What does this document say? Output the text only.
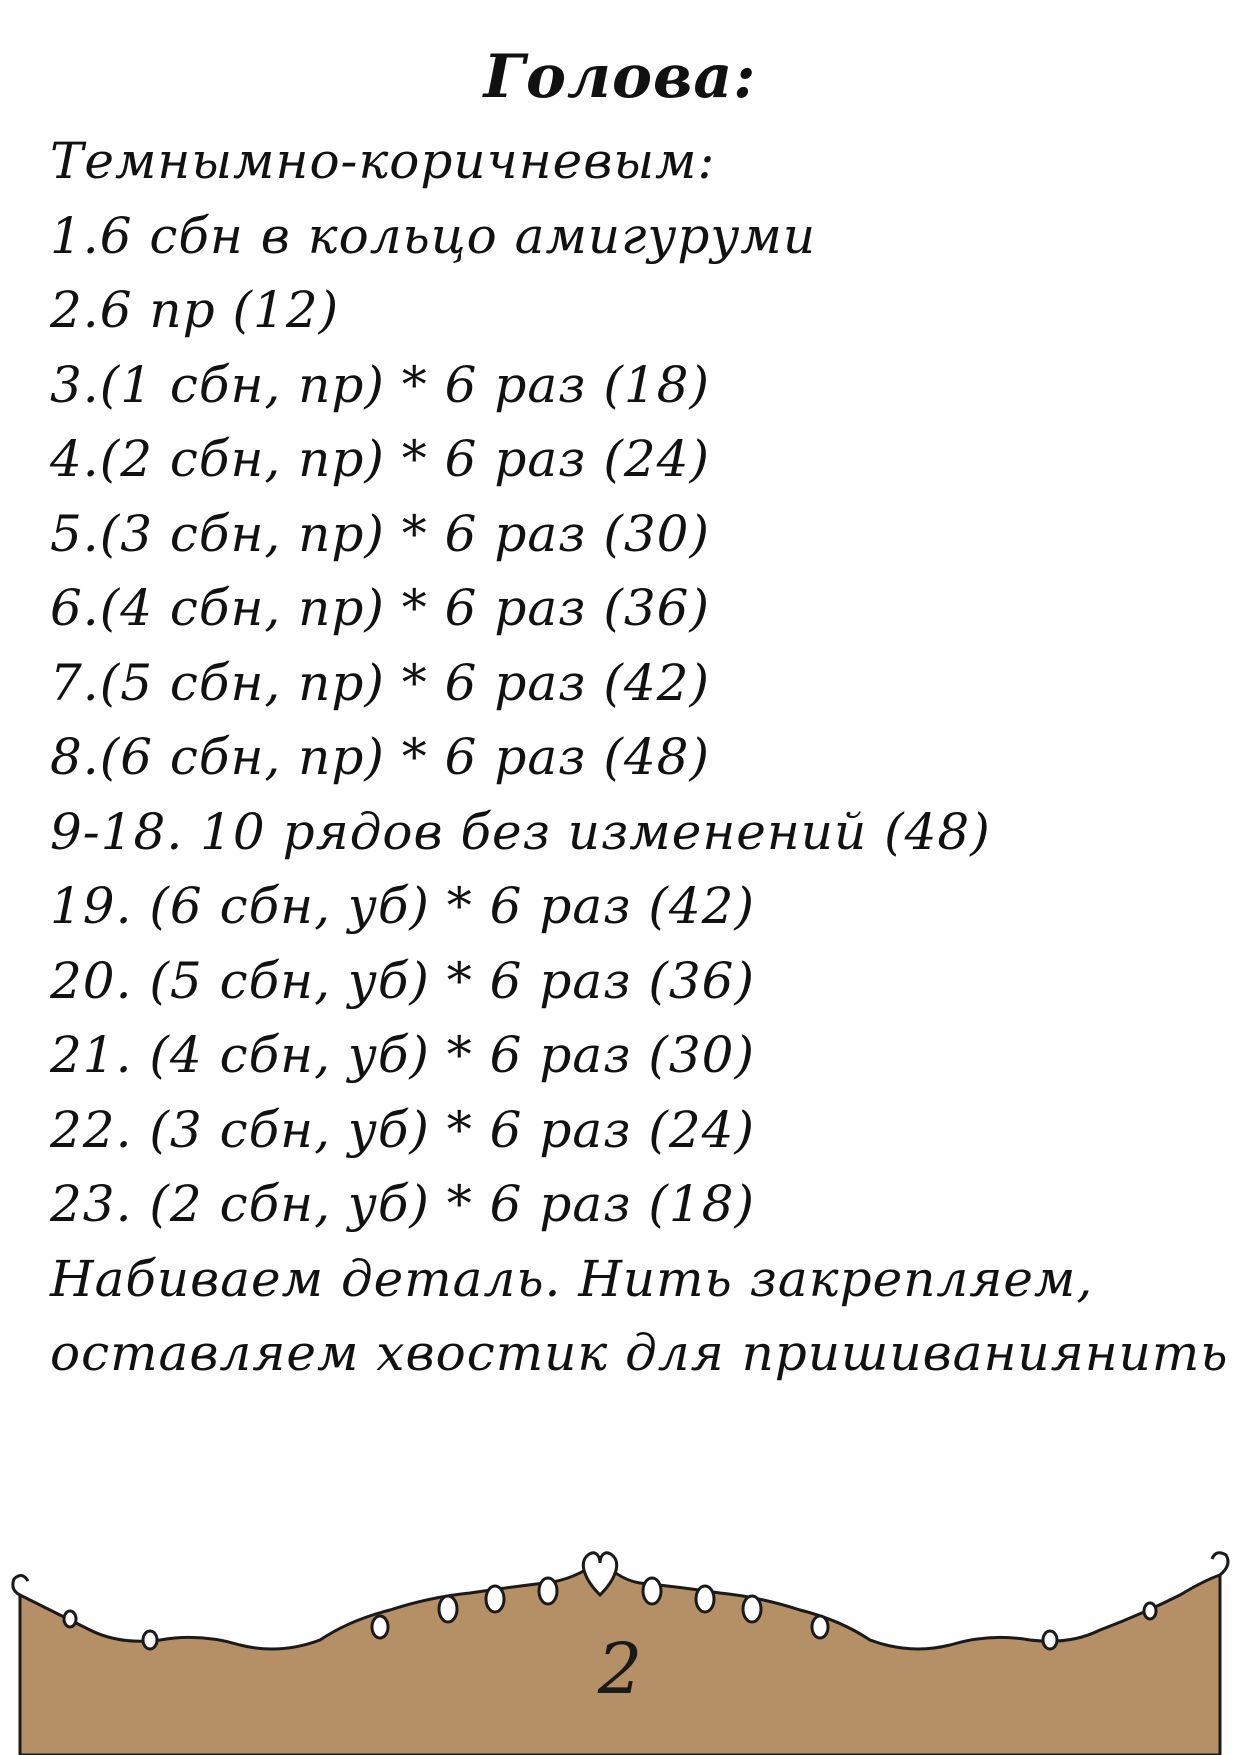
Голова:
Темнымно-коричневым:
1.6 сбн в кольцо амигуруми
2.6 пр (12)
3.(1 сбн, пр) * 6 раз (18)
4.(2 сбн, пр) * 6 раз (24)
5.(3 сбн, пр) * 6 раз (30)
6.(4 сбн, пр) * 6 раз (36)
7.(5 сбн, пр) * 6 раз (42)
8.(6 сбн, пр) * 6 раз (48)
9-18. 10 рядов без изменений (48)
19. (6 сбн, уб) * 6 раз (42)
20. (5 сбн, уб) * 6 раз (36)
21. (4 сбн, уб) * 6 раз (30)
22. (3 сбн, уб) * 6 раз (24)
23. (2 сбн, уб) * 6 раз (18)
Набиваем деталь. Нить закрепляем,
оставляем хвостик для пришиваниянить
2
